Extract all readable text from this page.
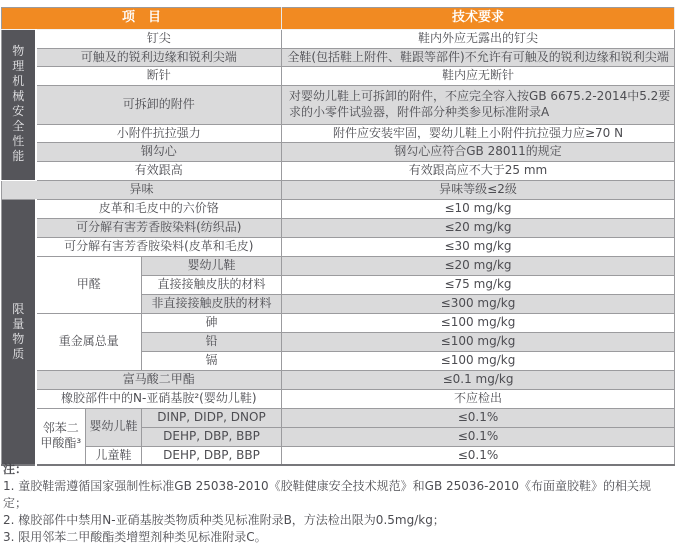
项　目				技术要求
物理机械安全性能	钉尖			鞋内外应无露出的钉尖
	可触及的锐利边缘和锐利尖端			全鞋(包括鞋上附件、鞋跟等部件)不允许有可触及的锐利边缘和锐利尖端
	断针			鞋内应无断针
	可拆卸的附件			对婴幼儿鞋上可拆卸的附件，不应完全容入按GB 6675.2-2014中5.2要求的小零件试验器，附件部分种类参见标准附录A
	小附件抗拉强力			附件应安装牢固，婴幼儿鞋上小附件抗拉强力应≥70 N
	钢勾心			钢勾心应符合GB 28011的规定
	有效跟高			有效跟高应不大于25 mm
异味				异味等级≤2级
限量物质	皮革和毛皮中的六价铬			≤10 mg/kg
	可分解有害芳香胺染料(纺织品)			≤20 mg/kg
	可分解有害芳香胺染料(皮革和毛皮)			≤30 mg/kg
	甲醛		婴幼儿鞋	≤20 mg/kg
			直接接触皮肤的材料	≤75 mg/kg
			非直接接触皮肤的材料	≤300 mg/kg
	重金属总量		砷	≤100 mg/kg
			铅	≤100 mg/kg
			镉	≤100 mg/kg
	富马酸二甲酯			≤0.1 mg/kg
	橡胶部件中的N-亚硝基胺²(婴幼儿鞋)			不应检出
	邻苯二甲酸酯³	婴幼儿鞋	DINP, DIDP, DNOP	≤0.1%
			DEHP, DBP, BBP	≤0.1%
		儿童鞋	DEHP, DBP, BBP	≤0.1%
注：
1. 童胶鞋需遵循国家强制性标准GB 25038-2010《胶鞋健康安全技术规范》和GB 25036-2010《布面童胶鞋》的相关规定；
2. 橡胶部件中禁用N-亚硝基胺类物质种类见标准附录B，方法检出限为0.5mg/kg；
3. 限用邻苯二甲酸酯类增塑剂种类见标准附录C。
